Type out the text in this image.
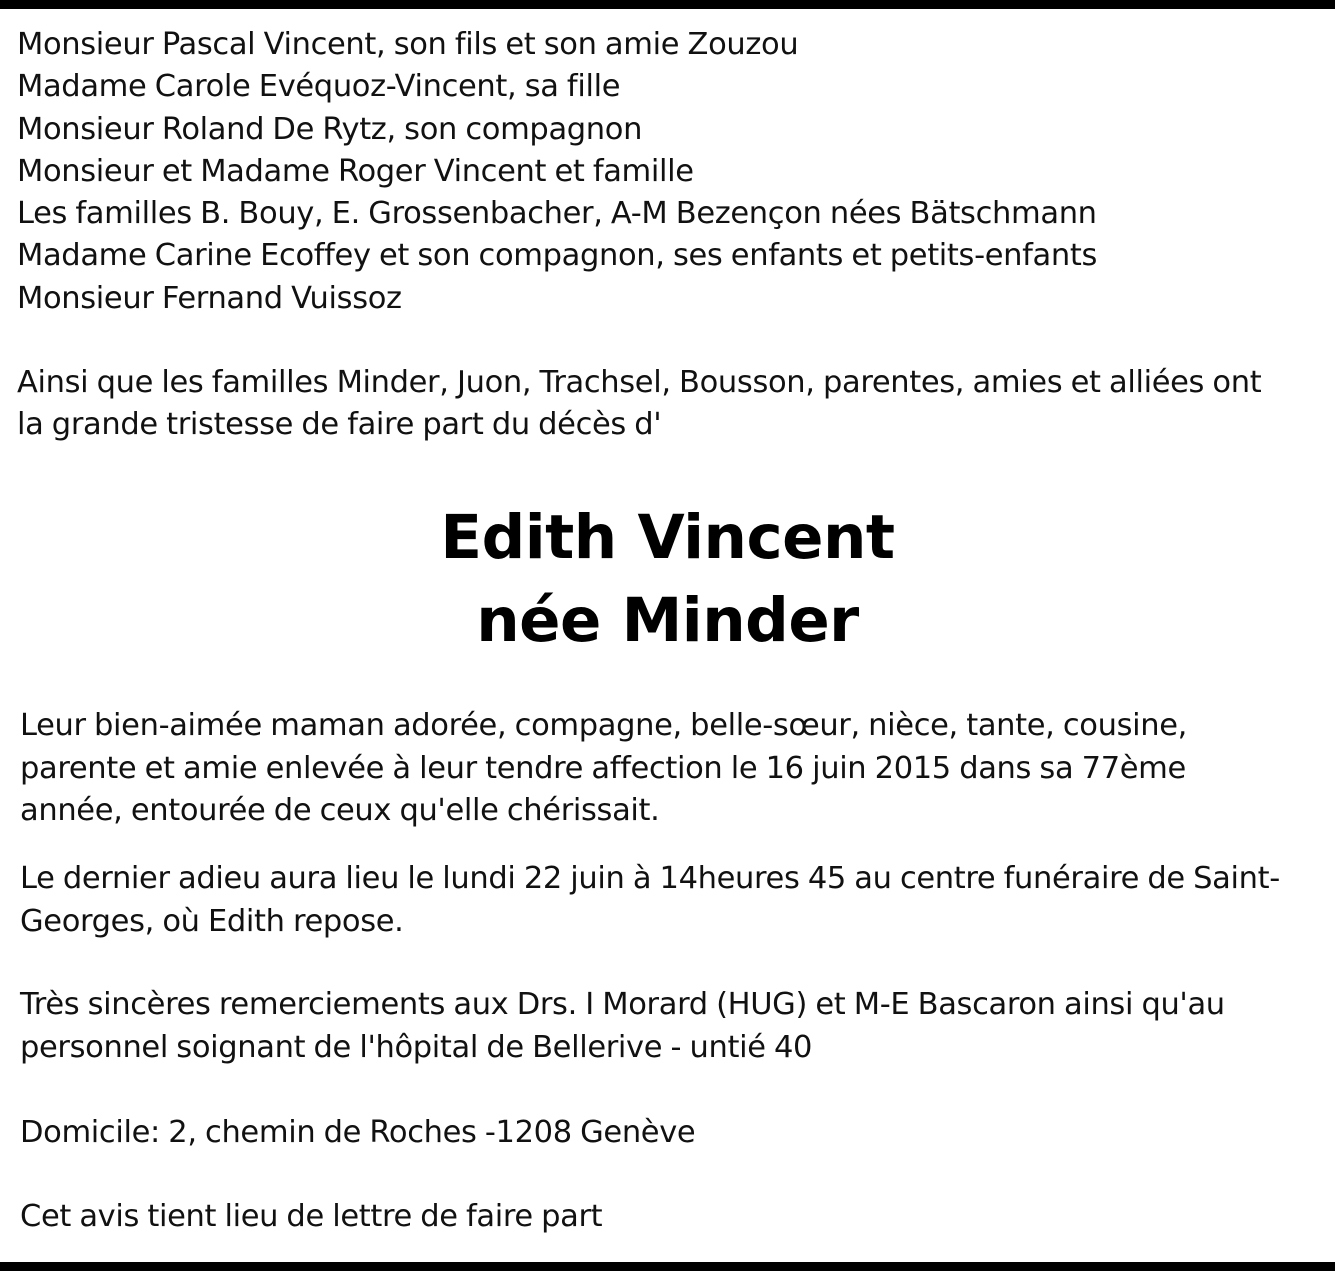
Monsieur Pascal Vincent, son fils et son amie Zouzou
Madame Carole Evéquoz-Vincent, sa fille
Monsieur Roland De Rytz, son compagnon
Monsieur et Madame Roger Vincent et famille
Les familles B. Bouy, E. Grossenbacher, A-M Bezençon nées Bätschmann
Madame Carine Ecoffey et son compagnon, ses enfants et petits-enfants
Monsieur Fernand Vuissoz
Ainsi que les familles Minder, Juon, Trachsel, Bousson, parentes, amies et alliées ont
la grande tristesse de faire part du décès d'
Edith Vincent
née Minder
Leur bien-aimée maman adorée, compagne, belle-sœur, nièce, tante, cousine,
parente et amie enlevée à leur tendre affection le 16 juin 2015 dans sa 77ème
année, entourée de ceux qu'elle chérissait.
Le dernier adieu aura lieu le lundi 22 juin à 14heures 45 au centre funéraire de Saint-
Georges, où Edith repose.
Très sincères remerciements aux Drs. I Morard (HUG) et M-E Bascaron ainsi qu'au
personnel soignant de l'hôpital de Bellerive - untié 40
Domicile: 2, chemin de Roches -1208 Genève
Cet avis tient lieu de lettre de faire part
